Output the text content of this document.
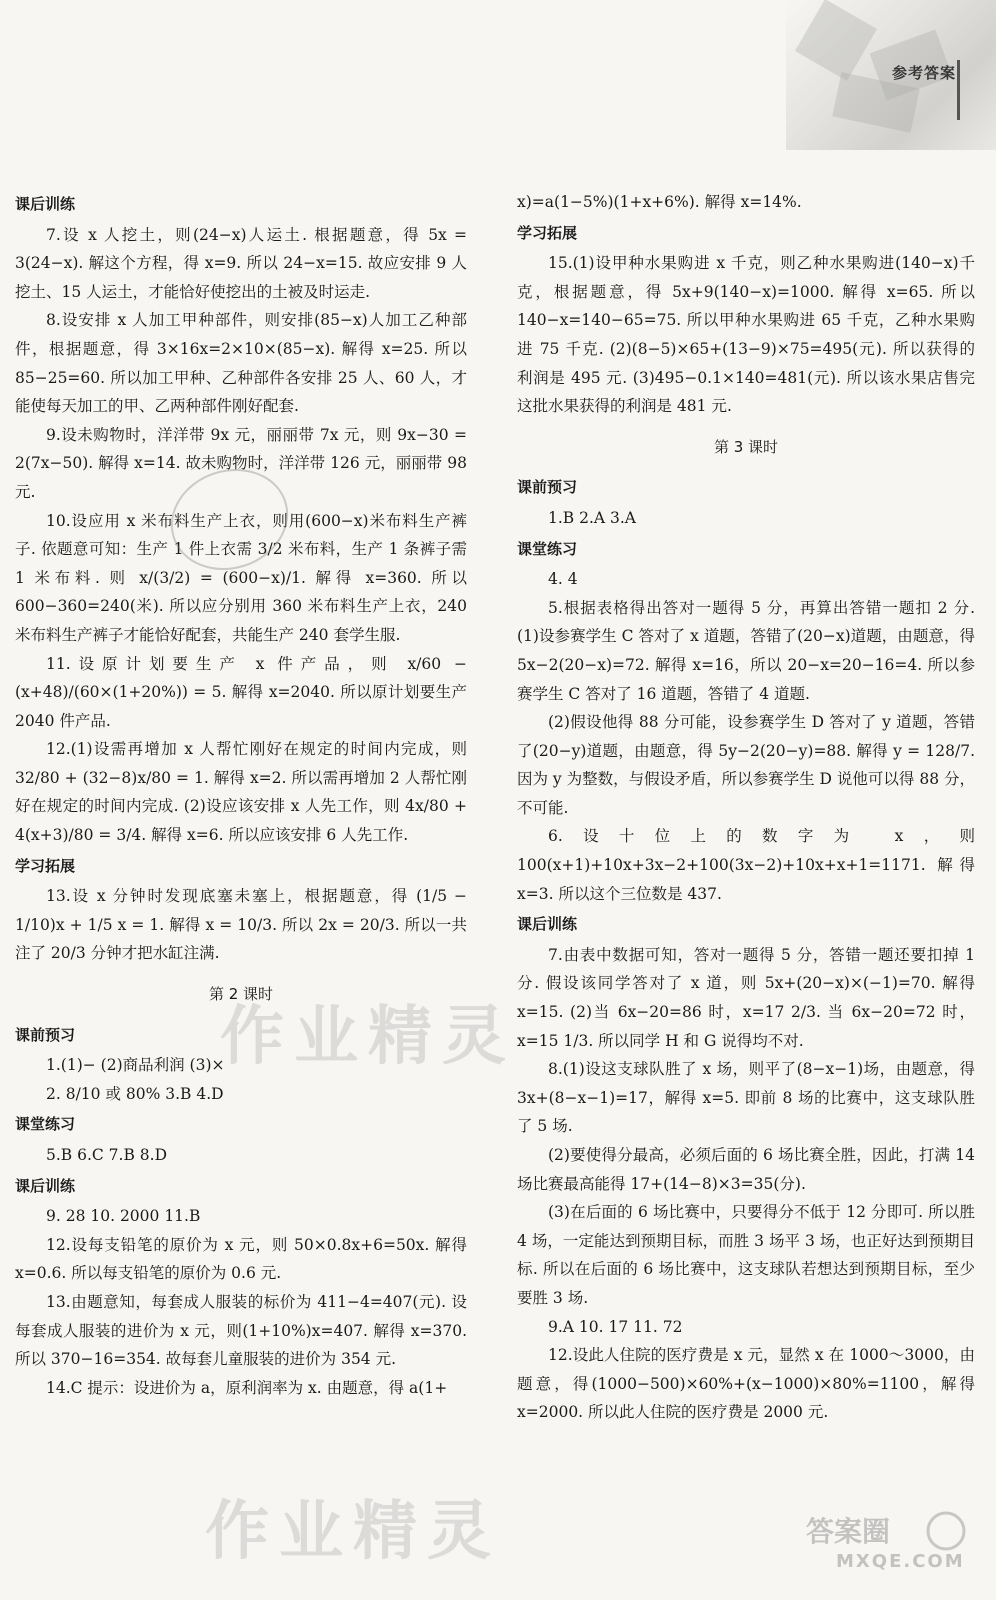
参考答案

课后训练

7.设 x 人挖土，则(24−x)人运土. 根据题意，得 5x = 3(24−x). 解这个方程，得 x=9. 所以 24−x=15. 故应安排 9 人挖土、15 人运土，才能恰好使挖出的土被及时运走.

8.设安排 x 人加工甲种部件，则安排(85−x)人加工乙种部件，根据题意，得 3×16x=2×10×(85−x). 解得 x=25. 所以 85−25=60. 所以加工甲种、乙种部件各安排 25 人、60 人，才能使每天加工的甲、乙两种部件刚好配套.

9.设未购物时，洋洋带 9x 元，丽丽带 7x 元，则 9x−30 = 2(7x−50). 解得 x=14. 故未购物时，洋洋带 126 元，丽丽带 98 元.

10.设应用 x 米布料生产上衣，则用(600−x)米布料生产裤子. 依题意可知：生产 1 件上衣需 3/2 米布料，生产 1 条裤子需 1 米布料. 则 x/(3/2) = (600−x)/1. 解得 x=360. 所以 600−360=240(米). 所以应分别用 360 米布料生产上衣，240 米布料生产裤子才能恰好配套，共能生产 240 套学生服.

11.设原计划要生产 x 件产品，则 x/60 − (x+48)/(60×(1+20%)) = 5. 解得 x=2040. 所以原计划要生产 2040 件产品.

12.(1)设需再增加 x 人帮忙刚好在规定的时间内完成，则 32/80 + (32−8)x/80 = 1. 解得 x=2. 所以需再增加 2 人帮忙刚好在规定的时间内完成. (2)设应该安排 x 人先工作，则 4x/80 + 4(x+3)/80 = 3/4. 解得 x=6. 所以应该安排 6 人先工作.

学习拓展

13.设 x 分钟时发现底塞未塞上，根据题意，得 (1/5 − 1/10)x + 1/5 x = 1. 解得 x = 10/3. 所以 2x = 20/3. 所以一共注了 20/3 分钟才把水缸注满.

第 2 课时

课前预习

1.(1)− (2)商品利润 (3)×

2. 8/10 或 80% 3.B 4.D

课堂练习

5.B 6.C 7.B 8.D

课后训练

9. 28 10. 2000 11.B

12.设每支铅笔的原价为 x 元，则 50×0.8x+6=50x. 解得 x=0.6. 所以每支铅笔的原价为 0.6 元.

13.由题意知，每套成人服装的标价为 411−4=407(元). 设每套成人服装的进价为 x 元，则(1+10%)x=407. 解得 x=370. 所以 370−16=354. 故每套儿童服装的进价为 354 元.

14.C 提示：设进价为 a，原利润率为 x. 由题意，得 a(1+

x)=a(1−5%)(1+x+6%). 解得 x=14%.

学习拓展

15.(1)设甲种水果购进 x 千克，则乙种水果购进(140−x)千克，根据题意，得 5x+9(140−x)=1000. 解得 x=65. 所以 140−x=140−65=75. 所以甲种水果购进 65 千克，乙种水果购进 75 千克. (2)(8−5)×65+(13−9)×75=495(元). 所以获得的利润是 495 元. (3)495−0.1×140=481(元). 所以该水果店售完这批水果获得的利润是 481 元.

第 3 课时

课前预习

1.B 2.A 3.A

课堂练习

4. 4

5.根据表格得出答对一题得 5 分，再算出答错一题扣 2 分. (1)设参赛学生 C 答对了 x 道题，答错了(20−x)道题，由题意，得 5x−2(20−x)=72. 解得 x=16，所以 20−x=20−16=4. 所以参赛学生 C 答对了 16 道题，答错了 4 道题.

(2)假设他得 88 分可能，设参赛学生 D 答对了 y 道题，答错了(20−y)道题，由题意，得 5y−2(20−y)=88. 解得 y = 128/7. 因为 y 为整数，与假设矛盾，所以参赛学生 D 说他可以得 88 分，不可能.

6.设十位上的数字为 x，则 100(x+1)+10x+3x−2+100(3x−2)+10x+x+1=1171. 解得 x=3. 所以这个三位数是 437.

课后训练

7.由表中数据可知，答对一题得 5 分，答错一题还要扣掉 1 分. 假设该同学答对了 x 道，则 5x+(20−x)×(−1)=70. 解得 x=15. (2)当 6x−20=86 时，x=17 2/3. 当 6x−20=72 时，x=15 1/3. 所以同学 H 和 G 说得均不对.

8.(1)设这支球队胜了 x 场，则平了(8−x−1)场，由题意，得 3x+(8−x−1)=17，解得 x=5. 即前 8 场的比赛中，这支球队胜了 5 场.

(2)要使得分最高，必须后面的 6 场比赛全胜，因此，打满 14 场比赛最高能得 17+(14−8)×3=35(分).

(3)在后面的 6 场比赛中，只要得分不低于 12 分即可. 所以胜 4 场，一定能达到预期目标，而胜 3 场平 3 场，也正好达到预期目标. 所以在后面的 6 场比赛中，这支球队若想达到预期目标，至少要胜 3 场.

9.A 10. 17 11. 72

12.设此人住院的医疗费是 x 元，显然 x 在 1000～3000，由题意，得(1000−500)×60%+(x−1000)×80%=1100，解得 x=2000. 所以此人住院的医疗费是 2000 元.

作业精灵
作业精灵	答案圈
MXQE.COM
